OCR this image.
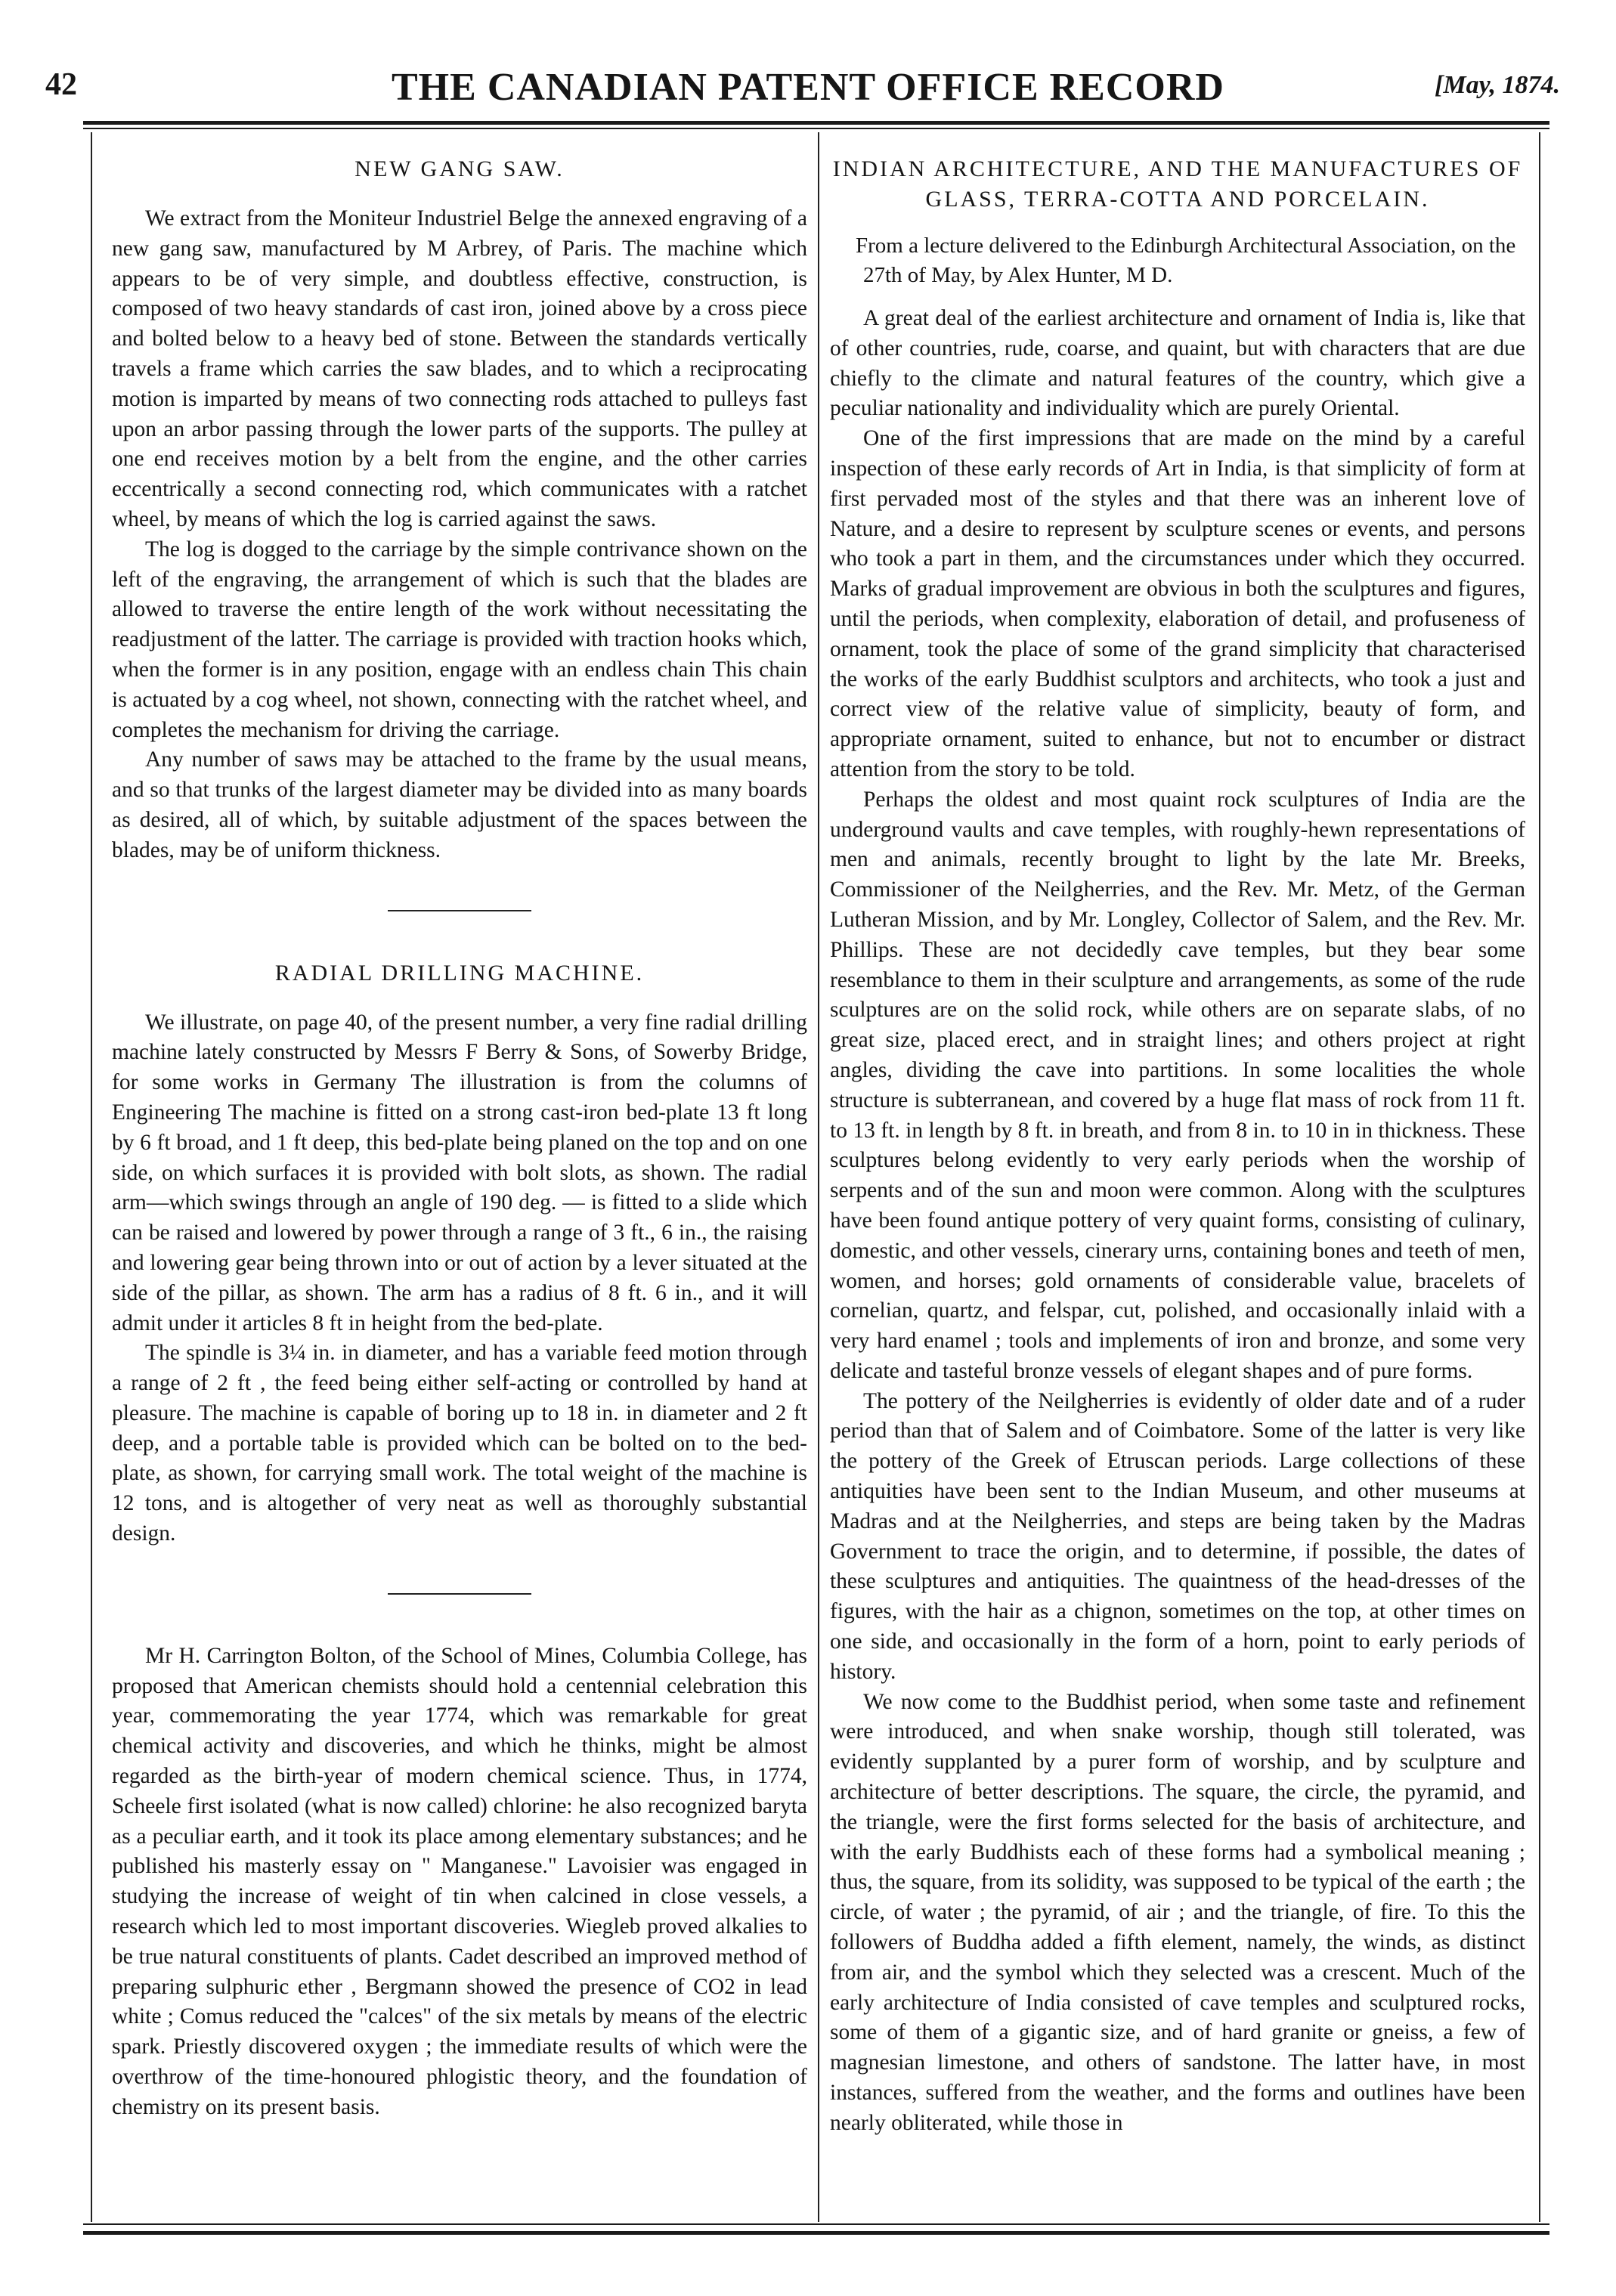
42	THE CANADIAN PATENT OFFICE RECORD	[May, 1874.
NEW GANG SAW.

We extract from the Moniteur Industriel Belge the annexed engraving of a new gang saw, manufactured by M Arbrey, of Paris. The machine which appears to be of very simple, and doubtless effective, construction, is composed of two heavy standards of cast iron, joined above by a cross piece and bolted below to a heavy bed of stone. Between the standards vertically travels a frame which carries the saw blades, and to which a reciprocating motion is imparted by means of two connecting rods attached to pulleys fast upon an arbor passing through the lower parts of the supports. The pulley at one end receives motion by a belt from the engine, and the other carries eccentrically a second connecting rod, which communicates with a ratchet wheel, by means of which the log is carried against the saws.

The log is dogged to the carriage by the simple contrivance shown on the left of the engraving, the arrangement of which is such that the blades are allowed to traverse the entire length of the work without necessitating the readjustment of the latter. The carriage is provided with traction hooks which, when the former is in any position, engage with an endless chain This chain is actuated by a cog wheel, not shown, connecting with the ratchet wheel, and completes the mechanism for driving the carriage.

Any number of saws may be attached to the frame by the usual means, and so that trunks of the largest diameter may be divided into as many boards as desired, all of which, by suitable adjustment of the spaces between the blades, may be of uniform thickness.

RADIAL DRILLING MACHINE.

We illustrate, on page 40, of the present number, a very fine radial drilling machine lately constructed by Messrs F Berry & Sons, of Sowerby Bridge, for some works in Germany The illustration is from the columns of Engineering The machine is fitted on a strong cast-iron bed-plate 13 ft long by 6 ft broad, and 1 ft deep, this bed-plate being planed on the top and on one side, on which surfaces it is provided with bolt slots, as shown. The radial arm—which swings through an angle of 190 deg. — is fitted to a slide which can be raised and lowered by power through a range of 3 ft., 6 in., the raising and lowering gear being thrown into or out of action by a lever situated at the side of the pillar, as shown. The arm has a radius of 8 ft. 6 in., and it will admit under it articles 8 ft in height from the bed-plate.

The spindle is 3¼ in. in diameter, and has a variable feed motion through a range of 2 ft , the feed being either self-acting or controlled by hand at pleasure. The machine is capable of boring up to 18 in. in diameter and 2 ft deep, and a portable table is provided which can be bolted on to the bed-plate, as shown, for carrying small work. The total weight of the machine is 12 tons, and is altogether of very neat as well as thoroughly substantial design.

Mr H. Carrington Bolton, of the School of Mines, Columbia College, has proposed that American chemists should hold a centennial celebration this year, commemorating the year 1774, which was remarkable for great chemical activity and discoveries, and which he thinks, might be almost regarded as the birth-year of modern chemical science. Thus, in 1774, Scheele first isolated (what is now called) chlorine: he also recognized baryta as a peculiar earth, and it took its place among elementary substances; and he published his masterly essay on " Manganese." Lavoisier was engaged in studying the increase of weight of tin when calcined in close vessels, a research which led to most important discoveries. Wiegleb proved alkalies to be true natural constituents of plants. Cadet described an improved method of preparing sulphuric ether , Bergmann showed the presence of CO2 in lead white ; Comus reduced the "calces" of the six metals by means of the electric spark. Priestly discovered oxygen ; the immediate results of which were the overthrow of the time-honoured phlogistic theory, and the foundation of chemistry on its present basis.

INDIAN ARCHITECTURE, AND THE MANUFACTURES OF GLASS, TERRA-COTTA AND PORCELAIN.
From a lecture delivered to the Edinburgh Architectural Association, on the 27th of May, by Alex Hunter, M D.

A great deal of the earliest architecture and ornament of India is, like that of other countries, rude, coarse, and quaint, but with characters that are due chiefly to the climate and natural features of the country, which give a peculiar nationality and individuality which are purely Oriental.

One of the first impressions that are made on the mind by a careful inspection of these early records of Art in India, is that simplicity of form at first pervaded most of the styles and that there was an inherent love of Nature, and a desire to represent by sculpture scenes or events, and persons who took a part in them, and the circumstances under which they occurred. Marks of gradual improvement are obvious in both the sculptures and figures, until the periods, when complexity, elaboration of detail, and profuseness of ornament, took the place of some of the grand simplicity that characterised the works of the early Buddhist sculptors and architects, who took a just and correct view of the relative value of simplicity, beauty of form, and appropriate ornament, suited to enhance, but not to encumber or distract attention from the story to be told.

Perhaps the oldest and most quaint rock sculptures of India are the underground vaults and cave temples, with roughly-hewn representations of men and animals, recently brought to light by the late Mr. Breeks, Commissioner of the Neilgherries, and the Rev. Mr. Metz, of the German Lutheran Mission, and by Mr. Longley, Collector of Salem, and the Rev. Mr. Phillips. These are not decidedly cave temples, but they bear some resemblance to them in their sculpture and arrangements, as some of the rude sculptures are on the solid rock, while others are on separate slabs, of no great size, placed erect, and in straight lines; and others project at right angles, dividing the cave into partitions. In some localities the whole structure is subterranean, and covered by a huge flat mass of rock from 11 ft. to 13 ft. in length by 8 ft. in breath, and from 8 in. to 10 in in thickness. These sculptures belong evidently to very early periods when the worship of serpents and of the sun and moon were common. Along with the sculptures have been found antique pottery of very quaint forms, consisting of culinary, domestic, and other vessels, cinerary urns, containing bones and teeth of men, women, and horses; gold ornaments of considerable value, bracelets of cornelian, quartz, and felspar, cut, polished, and occasionally inlaid with a very hard enamel ; tools and implements of iron and bronze, and some very delicate and tasteful bronze vessels of elegant shapes and of pure forms.

The pottery of the Neilgherries is evidently of older date and of a ruder period than that of Salem and of Coimbatore. Some of the latter is very like the pottery of the Greek of Etruscan periods. Large collections of these antiquities have been sent to the Indian Museum, and other museums at Madras and at the Neilgherries, and steps are being taken by the Madras Government to trace the origin, and to determine, if possible, the dates of these sculptures and antiquities. The quaintness of the head-dresses of the figures, with the hair as a chignon, sometimes on the top, at other times on one side, and occasionally in the form of a horn, point to early periods of history.

We now come to the Buddhist period, when some taste and refinement were introduced, and when snake worship, though still tolerated, was evidently supplanted by a purer form of worship, and by sculpture and architecture of better descriptions. The square, the circle, the pyramid, and the triangle, were the first forms selected for the basis of architecture, and with the early Buddhists each of these forms had a symbolical meaning ; thus, the square, from its solidity, was supposed to be typical of the earth ; the circle, of water ; the pyramid, of air ; and the triangle, of fire. To this the followers of Buddha added a fifth element, namely, the winds, as distinct from air, and the symbol which they selected was a crescent. Much of the early architecture of India consisted of cave temples and sculptured rocks, some of them of a gigantic size, and of hard granite or gneiss, a few of magnesian limestone, and others of sandstone. The latter have, in most instances, suffered from the weather, and the forms and outlines have been nearly obliterated, while those in
